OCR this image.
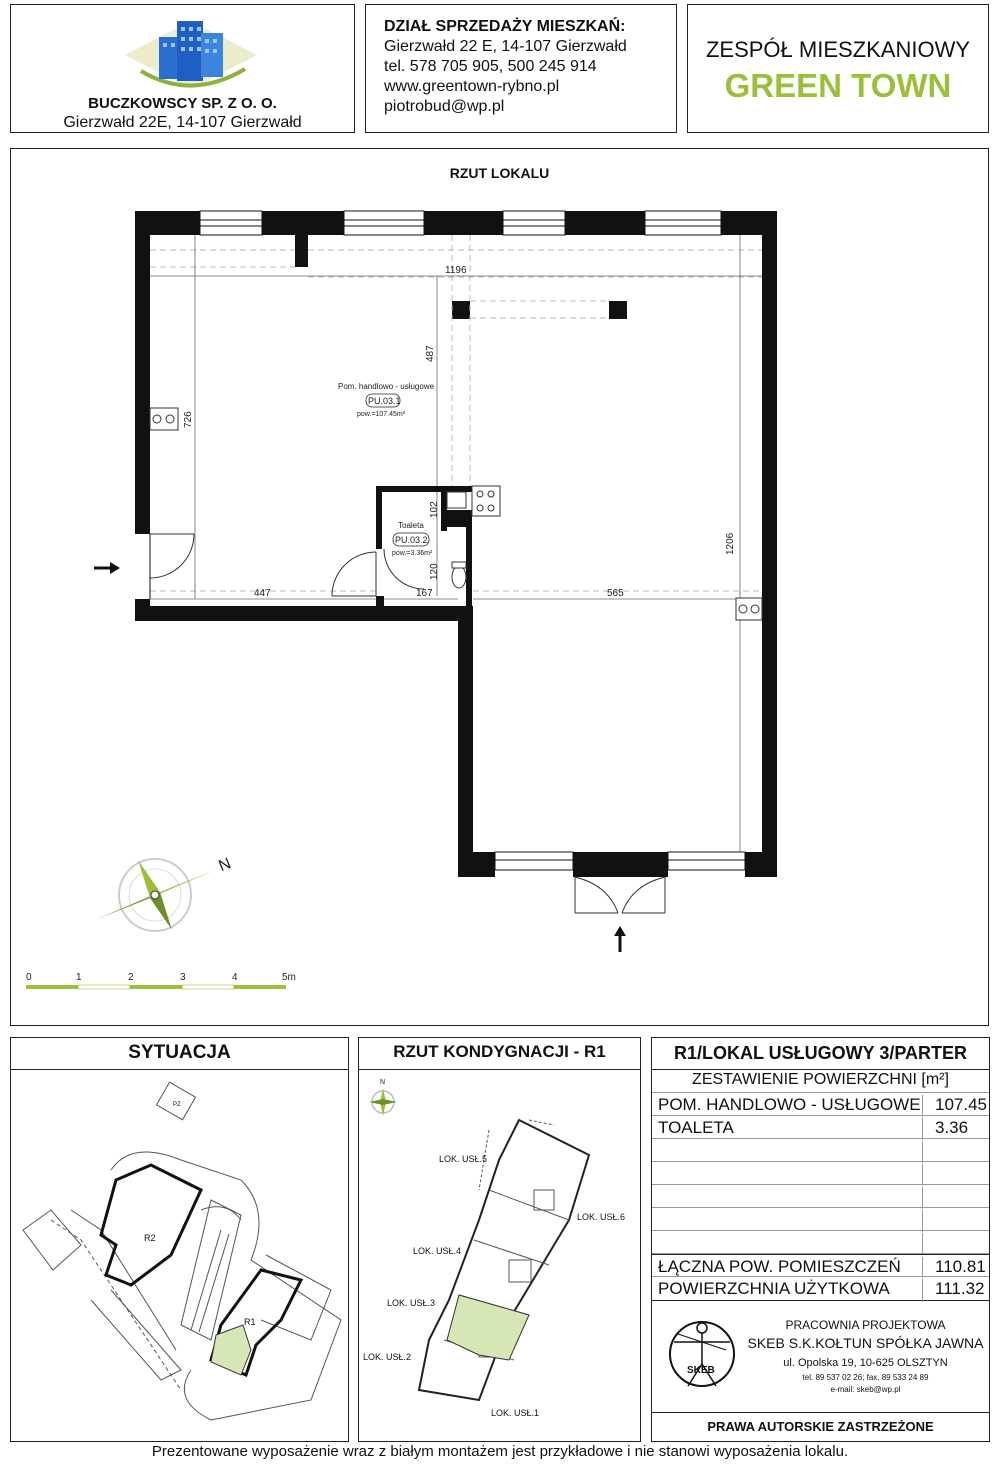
BUCZKOWSCY SP. Z O. O.
Gierzwałd 22E, 14-107 Gierzwałd
DZIAŁ SPRZEDAŻY MIESZKAŃ:
Gierzwałd 22 E, 14-107 Gierzwałd
tel. 578 705 905, 500 245 914
www.greentown-rybno.pl
piotrobud@wp.pl
ZESPÓŁ MIESZKANIOWY
GREEN TOWN
RZUT LOKALU
1196
487
726
102
120
447	167	565
1206
Pom. handlowo - usługowe
PU.03.1
pow.=107.45m²
Toaleta
PU.03.2
pow.=3.36m²
N
0	1	2	3	4	5m
SYTUACJA
R2
R1
PZ
RZUT KONDYGNACJI - R1
N
LOK. USŁ.5
LOK. USŁ.6
LOK. USŁ.4
LOK. USŁ.3
LOK. USŁ.2
LOK. USŁ.1
R1/LOKAL USŁUGOWY 3/PARTER
ZESTAWIENIE POWIERZCHNI [m²]
POM. HANDLOWO - USŁUGOWE 107.45
TOALETA	3.36
ŁĄCZNA POW. POMIESZCZEŃ	110.81
POWIERZCHNIA UŻYTKOWA	111.32
SKEB
PRACOWNIA PROJEKTOWA
SKEB S.K.KOŁTUN SPÓŁKA JAWNA
ul. Opolska 19, 10-625 OLSZTYN
tel. 89 537 02 26; fax. 89 533 24 89
e-mail: skeb@wp.pl
PRAWA AUTORSKIE ZASTRZEŻONE
Prezentowane wyposażenie wraz z białym montażem jest przykładowe i nie stanowi wyposażenia lokalu.
